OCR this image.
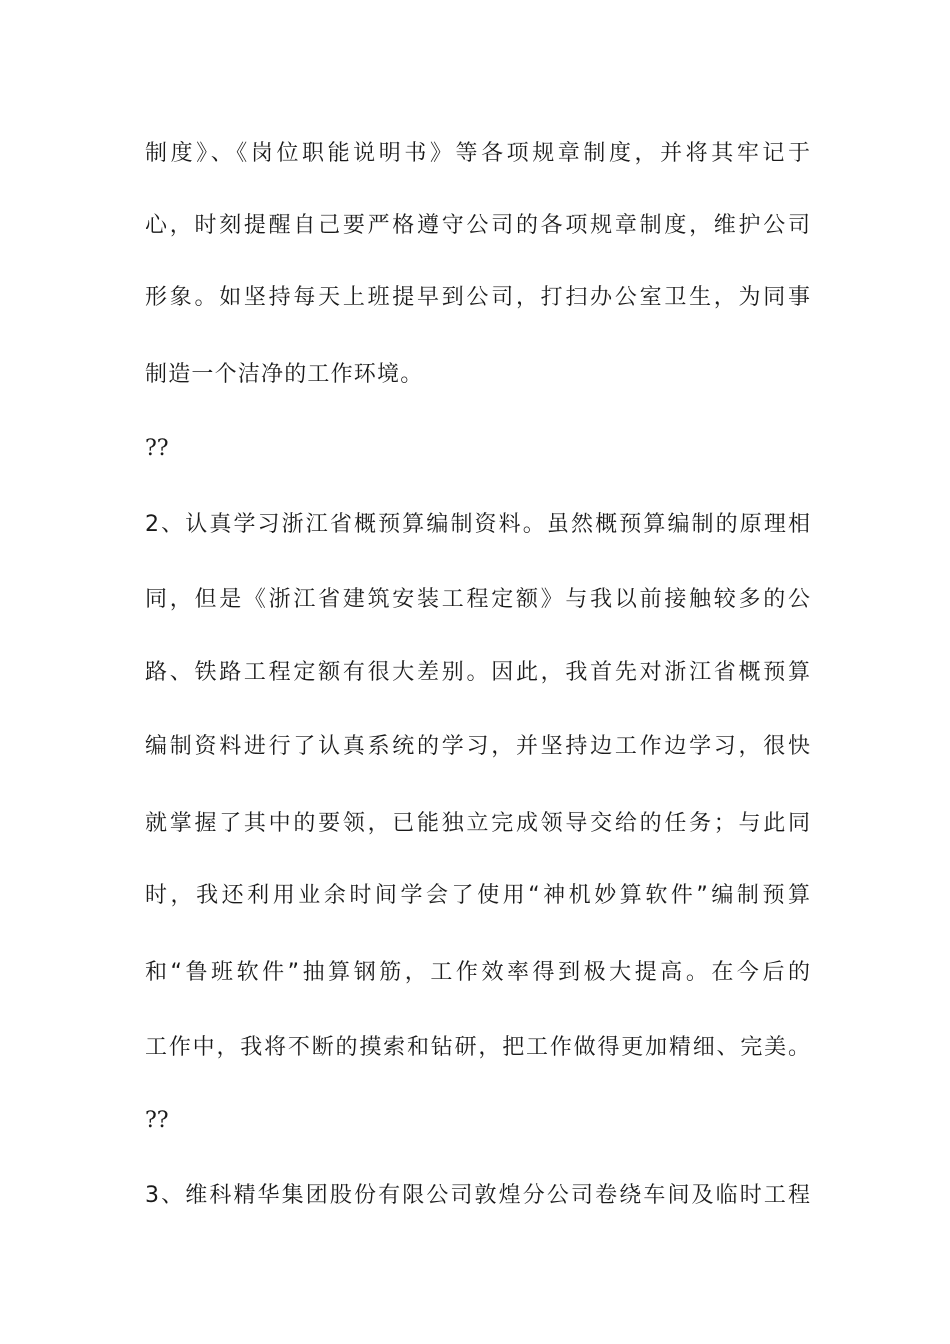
制度》、《岗位职能说明书》等各项规章制度，并将其牢记于
心，时刻提醒自己要严格遵守公司的各项规章制度，维护公司
形象。如坚持每天上班提早到公司，打扫办公室卫生，为同事
制造一个洁净的工作环境。
??
2、认真学习浙江省概预算编制资料。虽然概预算编制的原理相
同，但是《浙江省建筑安装工程定额》与我以前接触较多的公
路、铁路工程定额有很大差别。因此，我首先对浙江省概预算
编制资料进行了认真系统的学习，并坚持边工作边学习，很快
就掌握了其中的要领，已能独立完成领导交给的任务；与此同
时，我还利用业余时间学会了使用“神机妙算软件”编制预算
和“鲁班软件”抽算钢筋，工作效率得到极大提高。在今后的
工作中，我将不断的摸索和钻研，把工作做得更加精细、完美。
??
3、维科精华集团股份有限公司敦煌分公司卷绕车间及临时工程
